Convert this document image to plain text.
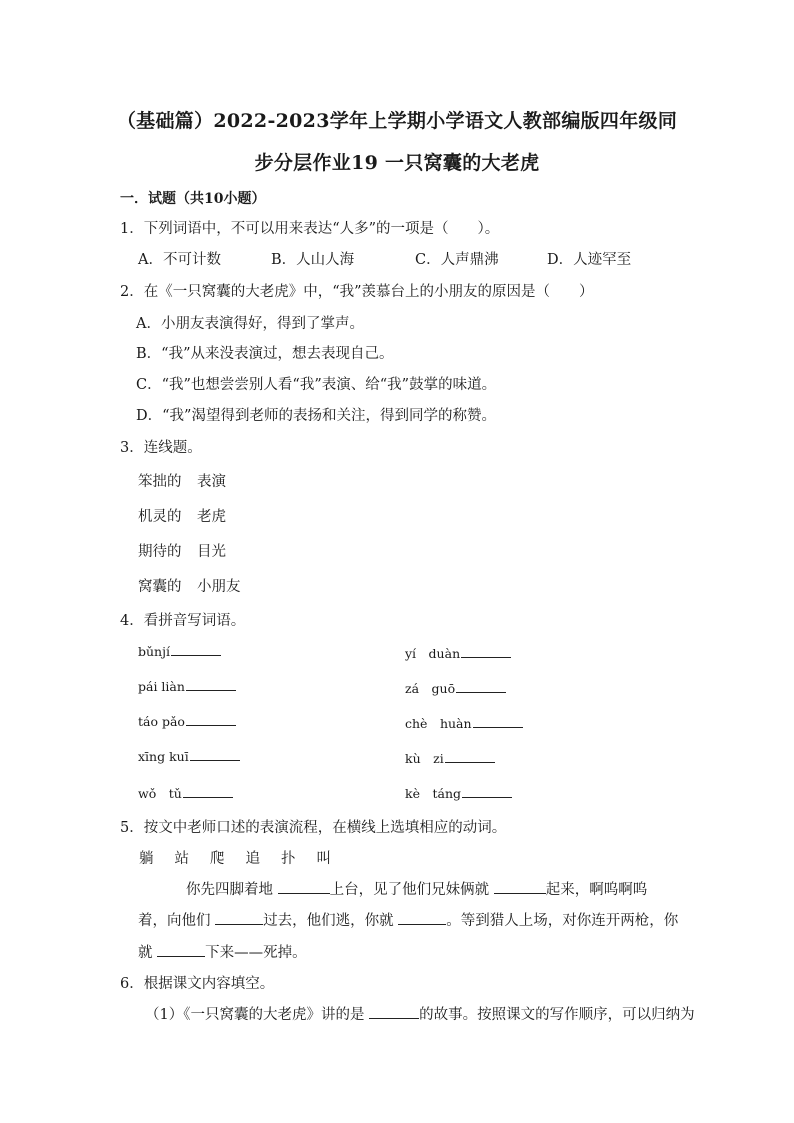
（基础篇）2022-2023学年上学期小学语文人教部编版四年级同
步分层作业19 一只窝囊的大老虎
一．试题（共10小题）
1．下列词语中，不可以用来表达“人多”的一项是（　　）。
A．不可计数	B．人山人海	C．人声鼎沸	D．人迹罕至
2．在《一只窝囊的大老虎》中，“我”羡慕台上的小朋友的原因是（　　）
A．小朋友表演得好，得到了掌声。
B．“我”从来没表演过，想去表现自己。
C．“我”也想尝尝别人看“我”表演、给“我”鼓掌的味道。
D．“我”渴望得到老师的表扬和关注，得到同学的称赞。
3．连线题。
笨拙的 表演
机灵的 老虎
期待的 目光
窝囊的 小朋友
4．看拼音写词语。
bǔnjí	yí　duàn
pái liàn	zá　guō
táo pǎo	chè　huàn
xīng kuī	kù　zi
wǒ　tǔ	kè　táng
5．按文中老师口述的表演流程，在横线上选填相应的动词。
躺 站 爬 追 扑 叫
你先四脚着地	上台，见了他们兄妹俩就	起来，啊呜啊呜
着，向他们	过去，他们逃，你就	。等到猎人上场，对你连开两枪，你
就	下来——死掉。
6．根据课文内容填空。
（1）《一只窝囊的大老虎》讲的是	的故事。按照课文的写作顺序，可以归纳为
